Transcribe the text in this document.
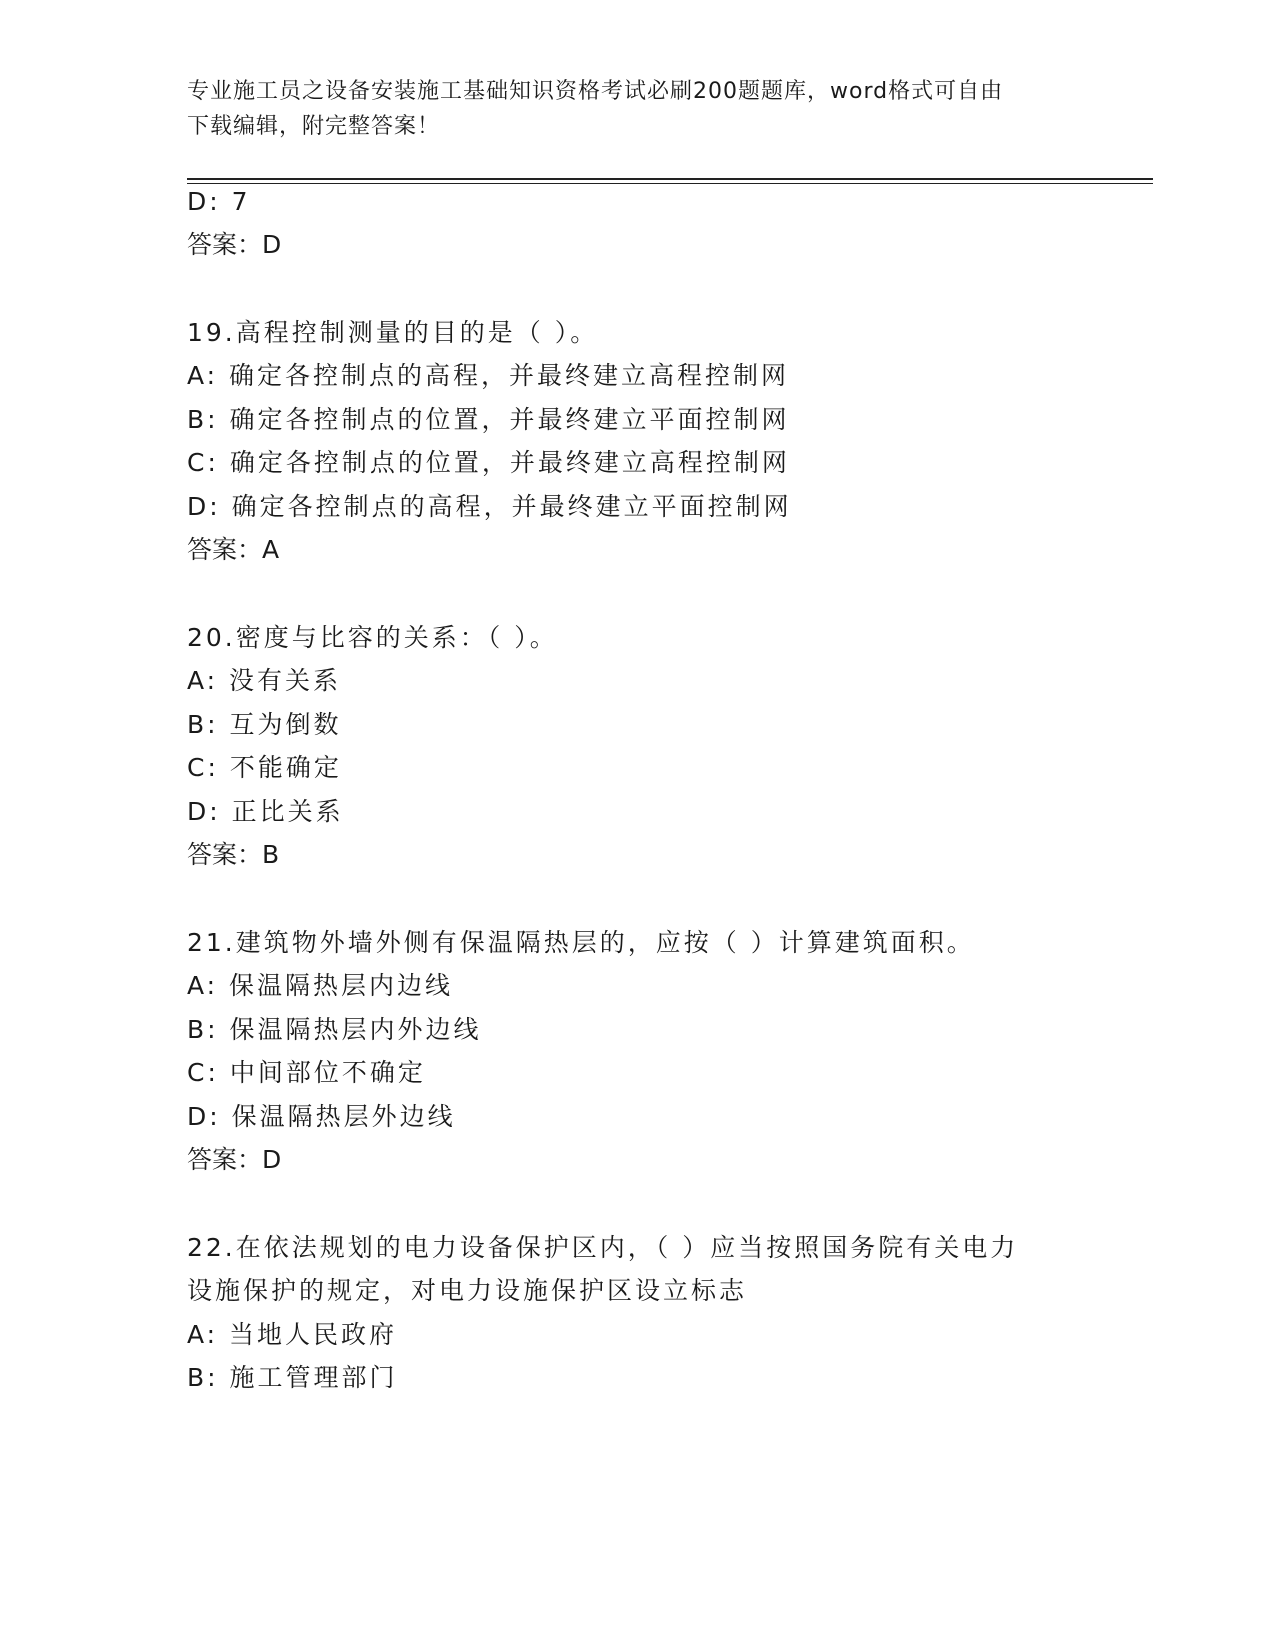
专业施工员之设备安装施工基础知识资格考试必刷200题题库，word格式可自由
下载编辑，附完整答案！
D: 7
答案：D
19.高程控制测量的目的是（ ）。
A: 确定各控制点的高程，并最终建立高程控制网
B: 确定各控制点的位置，并最终建立平面控制网
C: 确定各控制点的位置，并最终建立高程控制网
D: 确定各控制点的高程，并最终建立平面控制网
答案：A
20.密度与比容的关系：（ ）。
A: 没有关系
B: 互为倒数
C: 不能确定
D: 正比关系
答案：B
21.建筑物外墙外侧有保温隔热层的，应按（ ）计算建筑面积。
A: 保温隔热层内边线
B: 保温隔热层内外边线
C: 中间部位不确定
D: 保温隔热层外边线
答案：D
22.在依法规划的电力设备保护区内，（ ）应当按照国务院有关电力
设施保护的规定，对电力设施保护区设立标志
A: 当地人民政府
B: 施工管理部门
